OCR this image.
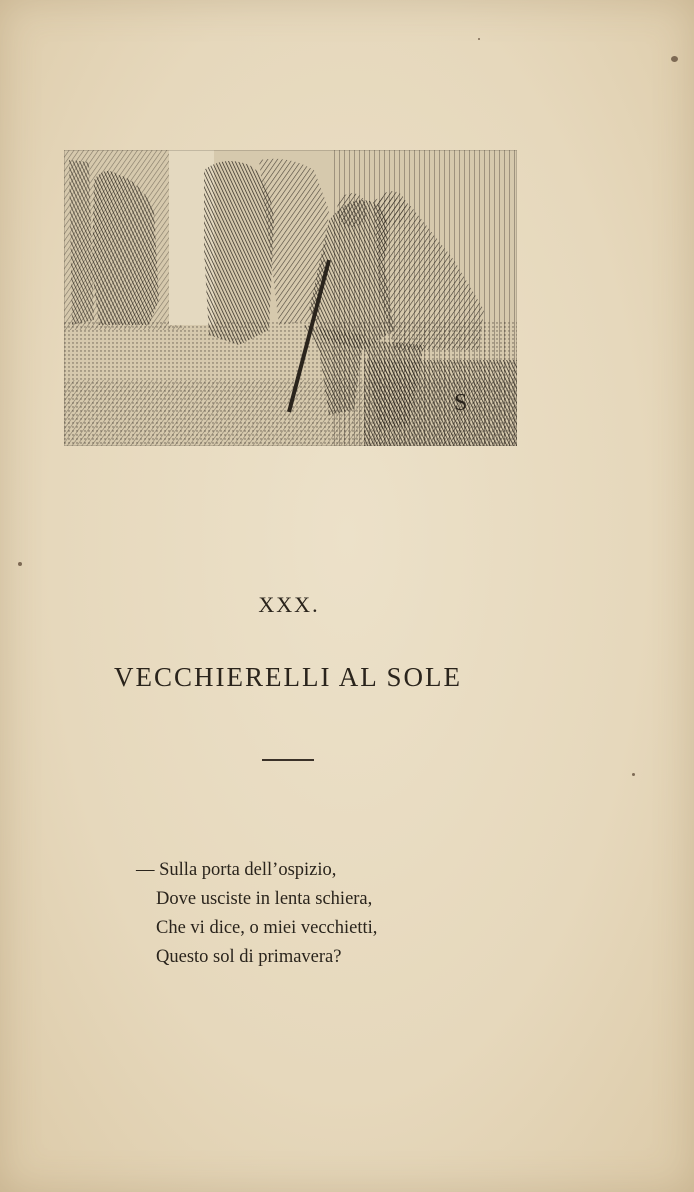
S
XXX.
VECCHIERELLI AL SOLE
— Sulla porta dell’ospizio,
Dove usciste in lenta schiera,
Che vi dice, o miei vecchietti,
Questo sol di primavera?
